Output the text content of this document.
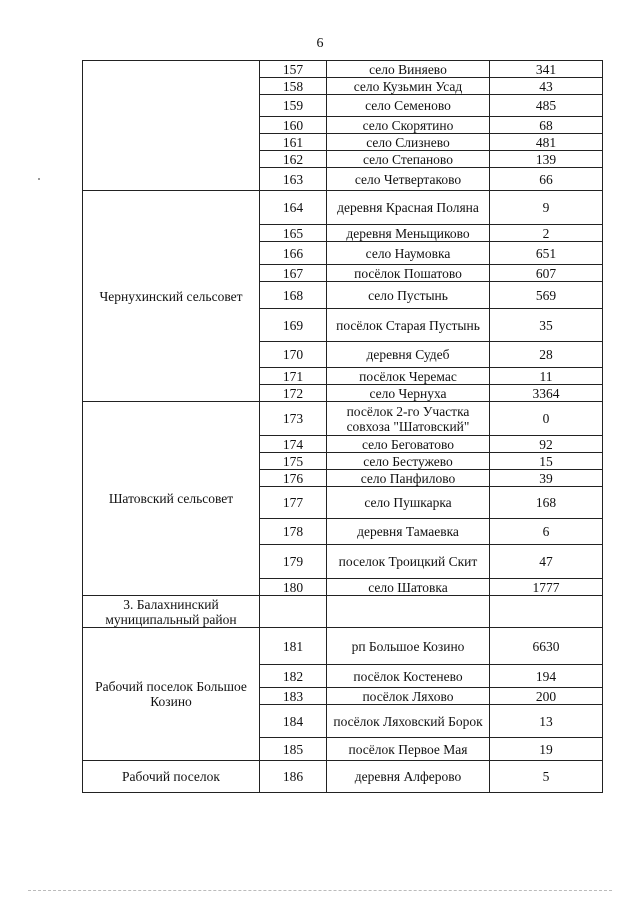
6
	157	село Виняево	341
	158	село Кузьмин Усад	43
	159	село Семеново	485
	160	село Скорятино	68
	161	село Слизнево	481
	162	село Степаново	139
	163	село Четвертаково	66
Чернухинский сельсовет	164	деревня Красная Поляна	9
	165	деревня Меньщиково	2
	166	село Наумовка	651
	167	посёлок Пошатово	607
	168	село Пустынь	569
	169	посёлок Старая Пустынь	35
	170	деревня Судеб	28
	171	посёлок Черемас	11
	172	село Чернуха	3364
Шатовский сельсовет	173	посёлок 2-го Участка совхоза "Шатовский"	0
	174	село Беговатово	92
	175	село Бестужево	15
	176	село Панфилово	39
	177	село Пушкарка	168
	178	деревня Тамаевка	6
	179	поселок Троицкий Скит	47
	180	село Шатовка	1777
3. Балахнинский муниципальный район			
Рабочий поселок Большое Козино	181	рп Большое Козино	6630
	182	посёлок Костенево	194
	183	посёлок Ляхово	200
	184	посёлок Ляховский Борок	13
	185	посёлок Первое Мая	19
Рабочий поселок	186	деревня Алферово	5
